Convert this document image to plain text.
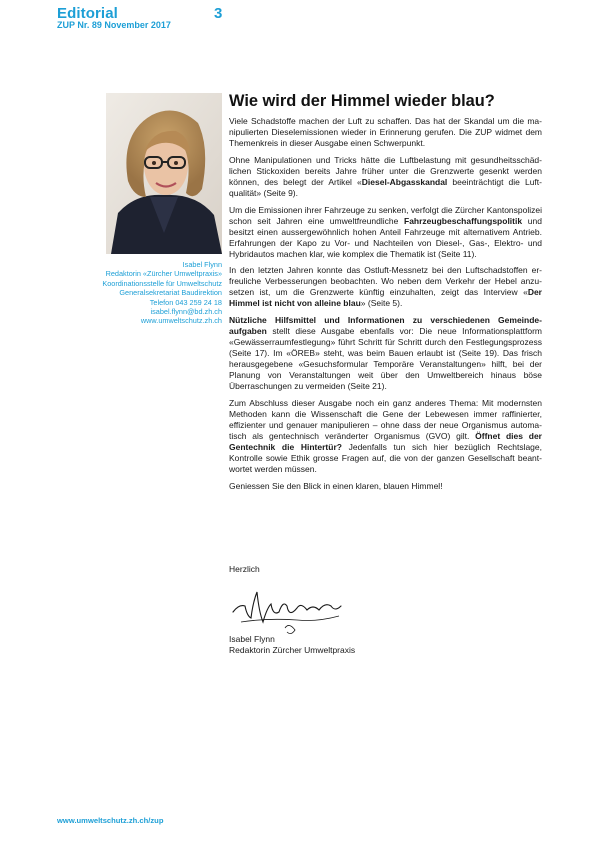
Editorial
ZUP Nr. 89 November 2017
3
Isabel Flynn
Redaktorin «Zürcher Umweltpraxis»
Koordinationsstelle für Umweltschutz
Generalsekretariat Baudirektion
Telefon 043 259 24 18
isabel.flynn@bd.zh.ch
www.umweltschutz.zh.ch
Wie wird der Himmel wieder blau?

Viele Schadstoffe machen der Luft zu schaffen. Das hat der Skandal um die manipulierten Dieselemissionen wieder in Erinnerung gerufen. Die ZUP widmet dem Themenkreis in dieser Ausgabe einen Schwerpunkt.

Ohne Manipulationen und Tricks hätte die Luftbelastung mit gesundheitsschädlichen Stickoxiden bereits Jahre früher unter die Grenzwerte gesenkt werden können, des belegt der Artikel «Diesel-Abgasskandal beeinträchtigt die Luftqualität» (Seite 9).

Um die Emissionen ihrer Fahrzeuge zu senken, verfolgt die Zürcher Kantonspolizei schon seit Jahren eine umweltfreundliche Fahrzeugbeschaffungspolitik und besitzt einen aussergewöhnlich hohen Anteil Fahrzeuge mit alternativem Antrieb. Erfahrungen der Kapo zu Vor- und Nachteilen von Diesel-, Gas-, Elektro- und Hybridautos machen klar, wie komplex die Thematik ist (Seite 11).

In den letzten Jahren konnte das Ostluft-Messnetz bei den Luftschadstoffen erfreuliche Verbesserungen beobachten. Wo neben dem Verkehr der Hebel anzusetzen ist, um die Grenzwerte künftig einzuhalten, zeigt das Interview «Der Himmel ist nicht von alleine blau» (Seite 5).

Nützliche Hilfsmittel und Informationen zu verschiedenen Gemeindeaufgaben stellt diese Ausgabe ebenfalls vor: Die neue Informationsplattform «Gewässerraumfestlegung» führt Schritt für Schritt durch den Festlegungsprozess (Seite 17). Im «ÖREB» steht, was beim Bauen erlaubt ist (Seite 19). Das frisch herausgegebene «Gesuchsformular Temporäre Veranstaltungen» hilft, bei der Planung von Veranstaltungen weit über den Umweltbereich hinaus böse Überraschungen zu vermeiden (Seite 21).

Zum Abschluss dieser Ausgabe noch ein ganz anderes Thema: Mit modernsten Methoden kann die Wissenschaft die Gene der Lebewesen immer raffinierter, effizienter und genauer manipulieren – ohne dass der neue Organismus automatisch als gentechnisch veränderter Organismus (GVO) gilt. Öffnet dies der Gentechnik die Hintertür? Jedenfalls tun sich hier bezüglich Rechtslage, Kontrolle sowie Ethik grosse Fragen auf, die von der ganzen Gesellschaft beantwortet werden müssen.

Geniessen Sie den Blick in einen klaren, blauen Himmel!

Herzlich
Isabel Flynn
Redaktorin Zürcher Umweltpraxis
www.umweltschutz.zh.ch/zup
